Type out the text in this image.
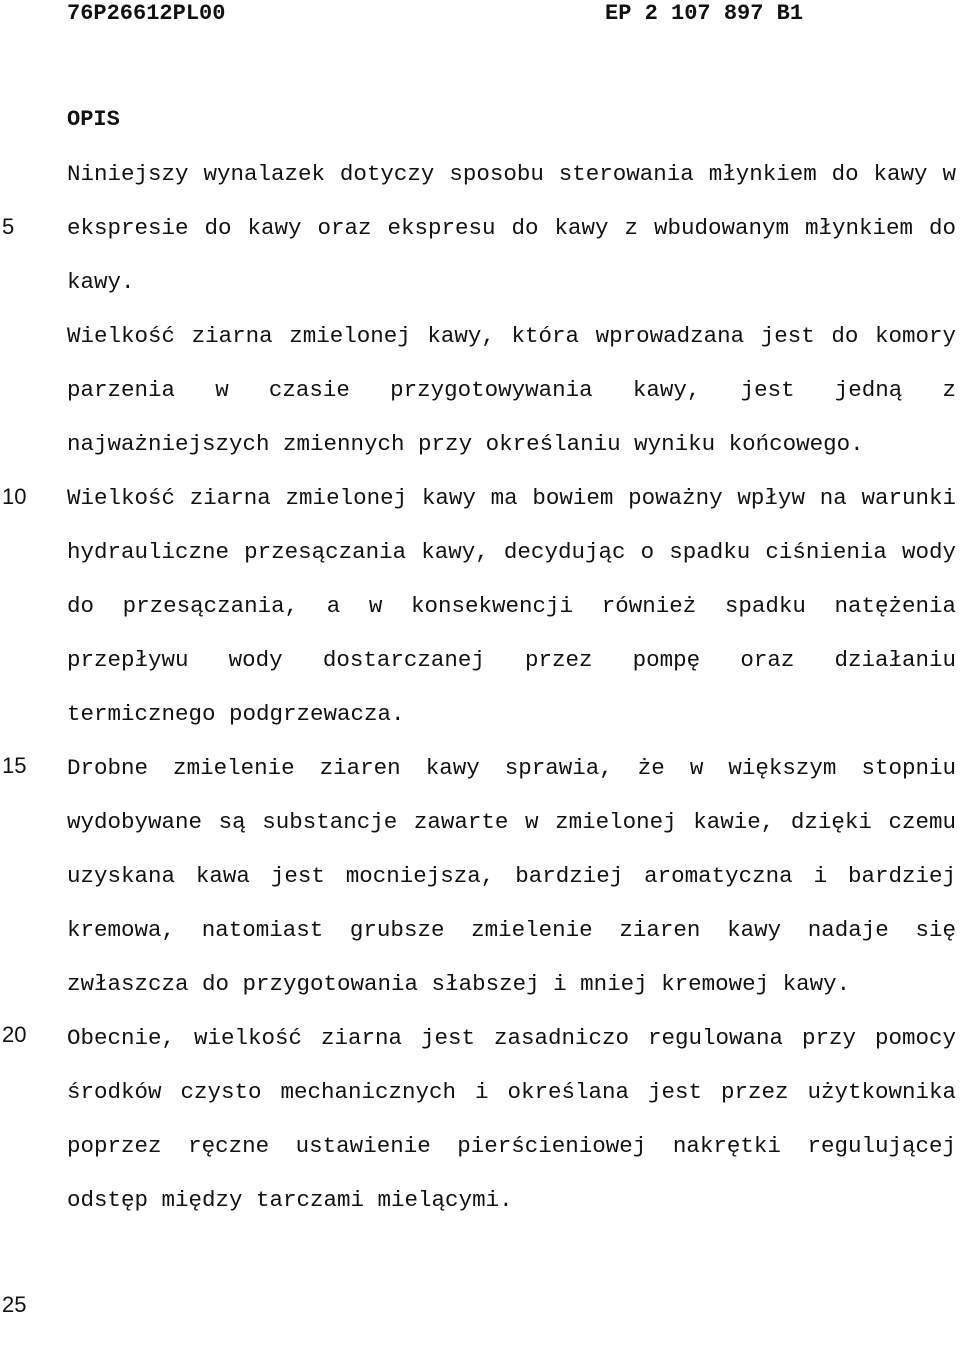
76P26612PL00	EP 2 107 897 B1
OPIS

Niniejszy wynalazek dotyczy sposobu sterowania młynkiem do kawy w ekspresie do kawy oraz ekspresu do kawy z wbudowanym młynkiem do kawy.

Wielkość ziarna zmielonej kawy, która wprowadzana jest do komory parzenia w czasie przygotowywania kawy, jest jedną z najważniejszych zmiennych przy określaniu wyniku końcowego.

Wielkość ziarna zmielonej kawy ma bowiem poważny wpływ na warunki hydrauliczne przesączania kawy, decydując o spadku ciśnienia wody do przesączania, a w konsekwencji również spadku natężenia przepływu wody dostarczanej przez pompę oraz działaniu termicznego podgrzewacza.

Drobne zmielenie ziaren kawy sprawia, że w większym stopniu wydobywane są substancje zawarte w zmielonej kawie, dzięki czemu uzyskana kawa jest mocniejsza, bardziej aromatyczna i bardziej kremowa, natomiast grubsze zmielenie ziaren kawy nadaje się zwłaszcza do przygotowania słabszej i mniej kremowej kawy.

Obecnie, wielkość ziarna jest zasadniczo regulowana przy pomocy środków czysto mechanicznych i określana jest przez użytkownika poprzez ręczne ustawienie pierścieniowej nakrętki regulującej odstęp między tarczami mielącymi.

5
10
15
20
25
